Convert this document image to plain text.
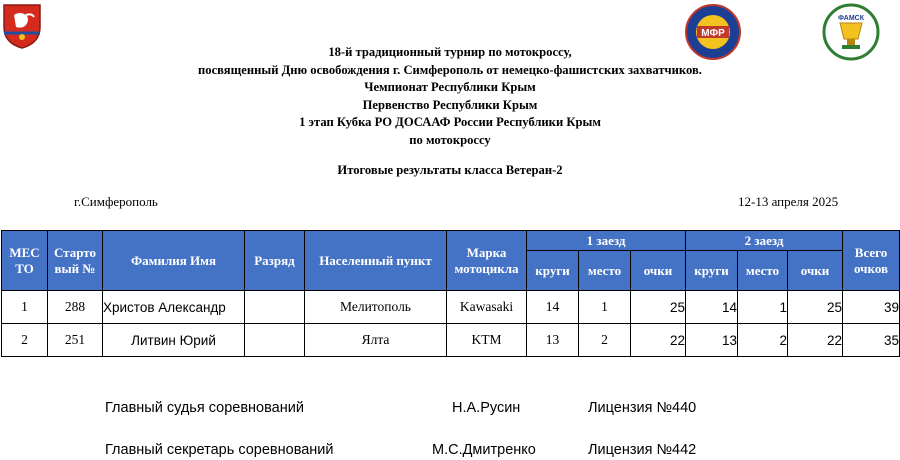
МФР
ФАМСК
18-й традиционный турнир по мотокроссу,
посвященный Дню освобождения г. Симферополь от немецко-фашистских захватчиков.
Чемпионат Республики Крым
Первенство Республики Крым
1 этап Кубка РО ДОСААФ России Республики Крым
по мотокроссу
Итоговые результаты класса Ветеран-2
г.Симферополь	12-13 апреля 2025
МЕС ТО	Старто вый №	Фамилия Имя	Разряд	Населенный пункт	Марка мотоцикла	1 заезд			2 заезд			Всего очков
						круги	место	очки	круги	место	очки	
1	288	Христов Александр		Мелитополь	Kawasaki	14	1	25	14	1	25	39
2	251	Литвин Юрий		Ялта	KTM	13	2	22	13	2	22	35
Главный судья соревнований	Н.А.Русин	Лицензия №440
Главный секретарь соревнований	М.С.Дмитренко	Лицензия №442
